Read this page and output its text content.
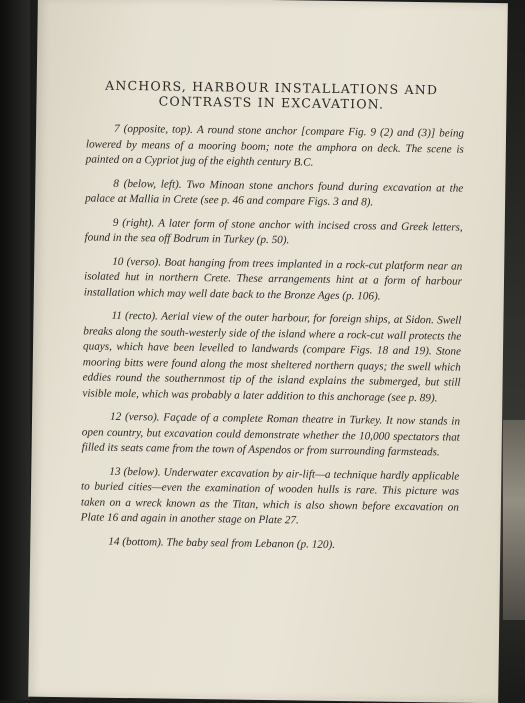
ANCHORS, HARBOUR INSTALLATIONS AND
CONTRASTS IN EXCAVATION.

7 (opposite, top). A round stone anchor [compare Fig. 9 (2) and (3)] being lowered by means of a mooring boom; note the amphora on deck. The scene is painted on a Cypriot jug of the eighth century B.C.

8 (below, left). Two Minoan stone anchors found during excavation at the palace at Mallia in Crete (see p. 46 and compare Figs. 3 and 8).

9 (right). A later form of stone anchor with incised cross and Greek letters, found in the sea off Bodrum in Turkey (p. 50).

10 (verso). Boat hanging from trees implanted in a rock-cut platform near an isolated hut in northern Crete. These arrangements hint at a form of harbour installation which may well date back to the Bronze Ages (p. 106).

11 (recto). Aerial view of the outer harbour, for foreign ships, at Sidon. Swell breaks along the south-westerly side of the island where a rock-cut wall protects the quays, which have been levelled to landwards (compare Figs. 18 and 19). Stone mooring bitts were found along the most sheltered northern quays; the swell which eddies round the southernmost tip of the island explains the submerged, but still visible mole, which was probably a later addition to this anchorage (see p. 89).

12 (verso). Façade of a complete Roman theatre in Turkey. It now stands in open country, but excavation could demonstrate whether the 10,000 spectators that filled its seats came from the town of Aspendos or from surrounding farmsteads.

13 (below). Underwater excavation by air-lift—a technique hardly applicable to buried cities—even the examination of wooden hulls is rare. This picture was taken on a wreck known as the Titan, which is also shown before excavation on Plate 16 and again in another stage on Plate 27.

14 (bottom). The baby seal from Lebanon (p. 120).
